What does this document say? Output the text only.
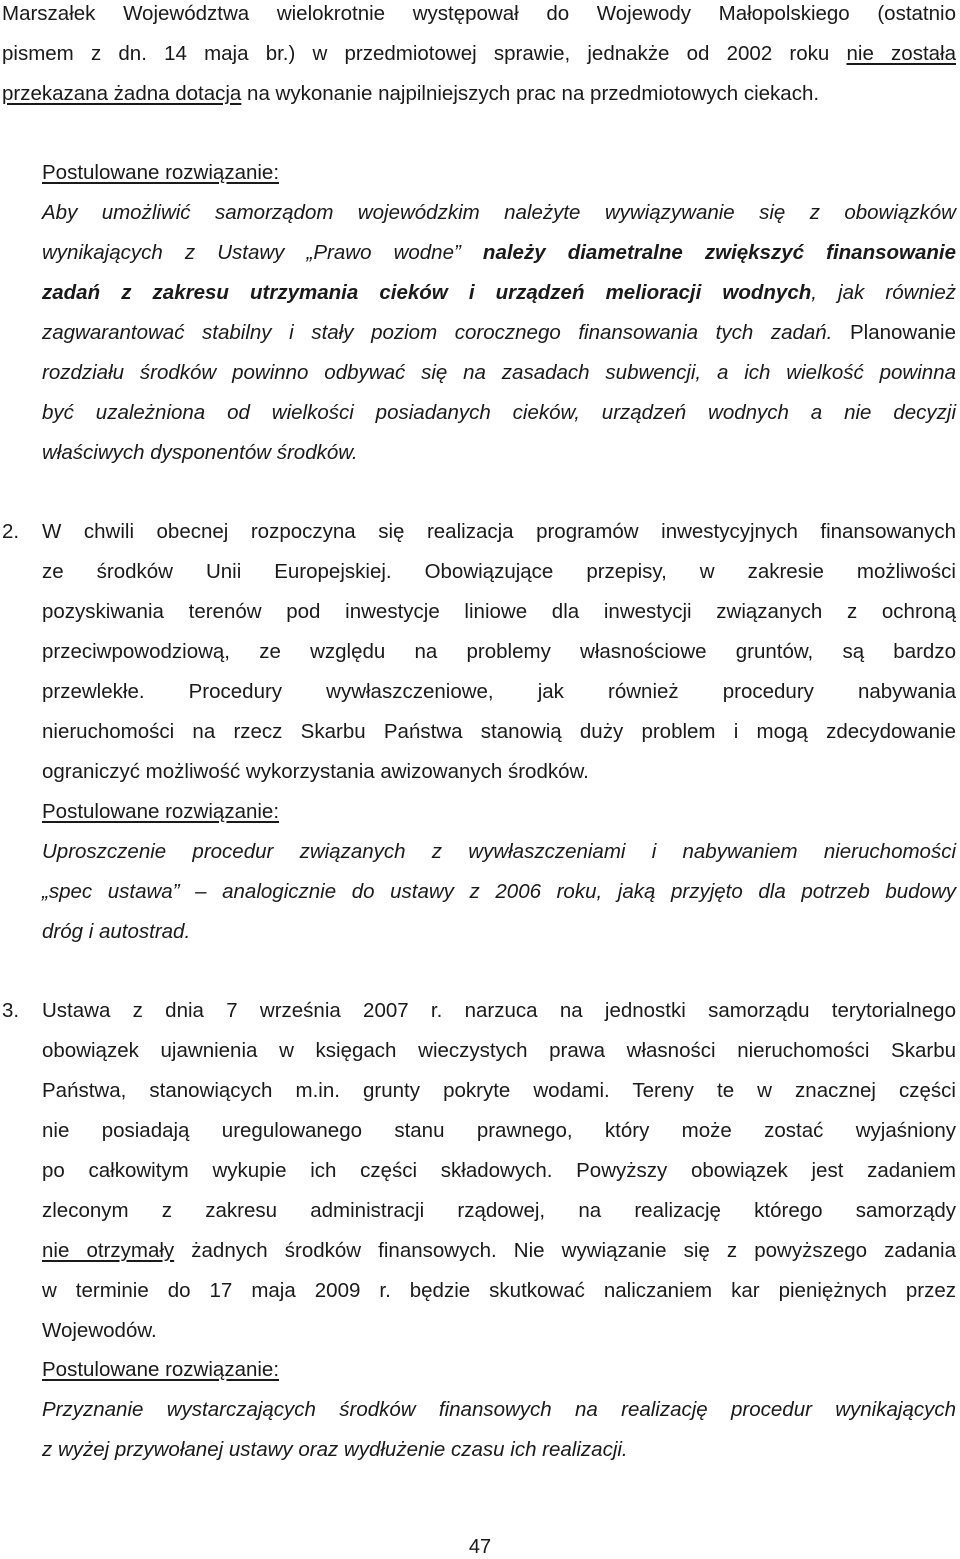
Marszałek Województwa wielokrotnie występował do Wojewody Małopolskiego (ostatnio
pismem z dn. 14 maja br.) w przedmiotowej sprawie, jednakże od 2002 roku nie została
przekazana żadna dotacja na wykonanie najpilniejszych prac na przedmiotowych ciekach.
Postulowane rozwiązanie:
Aby umożliwić samorządom wojewódzkim należyte wywiązywanie się z obowiązków
wynikających z Ustawy „Prawo wodne” należy diametralne zwiększyć finansowanie
zadań z zakresu utrzymania cieków i urządzeń melioracji wodnych, jak również
zagwarantować stabilny i stały poziom corocznego finansowania tych zadań. Planowanie
rozdziału środków powinno odbywać się na zasadach subwencji, a ich wielkość powinna
być uzależniona od wielkości posiadanych cieków, urządzeń wodnych a nie decyzji
właściwych dysponentów środków.
2. W chwili obecnej rozpoczyna się realizacja programów inwestycyjnych finansowanych
ze środków Unii Europejskiej. Obowiązujące przepisy, w zakresie możliwości
pozyskiwania terenów pod inwestycje liniowe dla inwestycji związanych z ochroną
przeciwpowodziową, ze względu na problemy własnościowe gruntów, są bardzo
przewlekłe. Procedury wywłaszczeniowe, jak również procedury nabywania
nieruchomości na rzecz Skarbu Państwa stanowią duży problem i mogą zdecydowanie
ograniczyć możliwość wykorzystania awizowanych środków.
Postulowane rozwiązanie:
Uproszczenie procedur związanych z wywłaszczeniami i nabywaniem nieruchomości
„spec ustawa” – analogicznie do ustawy z 2006 roku, jaką przyjęto dla potrzeb budowy
dróg i autostrad.
3. Ustawa z dnia 7 września 2007 r. narzuca na jednostki samorządu terytorialnego
obowiązek ujawnienia w księgach wieczystych prawa własności nieruchomości Skarbu
Państwa, stanowiących m.in. grunty pokryte wodami. Tereny te w znacznej części
nie posiadają uregulowanego stanu prawnego, który może zostać wyjaśniony
po całkowitym wykupie ich części składowych. Powyższy obowiązek jest zadaniem
zleconym z zakresu administracji rządowej, na realizację którego samorządy
nie otrzymały żadnych środków finansowych. Nie wywiązanie się z powyższego zadania
w terminie do 17 maja 2009 r. będzie skutkować naliczaniem kar pieniężnych przez
Wojewodów.
Postulowane rozwiązanie:
Przyznanie wystarczających środków finansowych na realizację procedur wynikających
z wyżej przywołanej ustawy oraz wydłużenie czasu ich realizacji.
47
